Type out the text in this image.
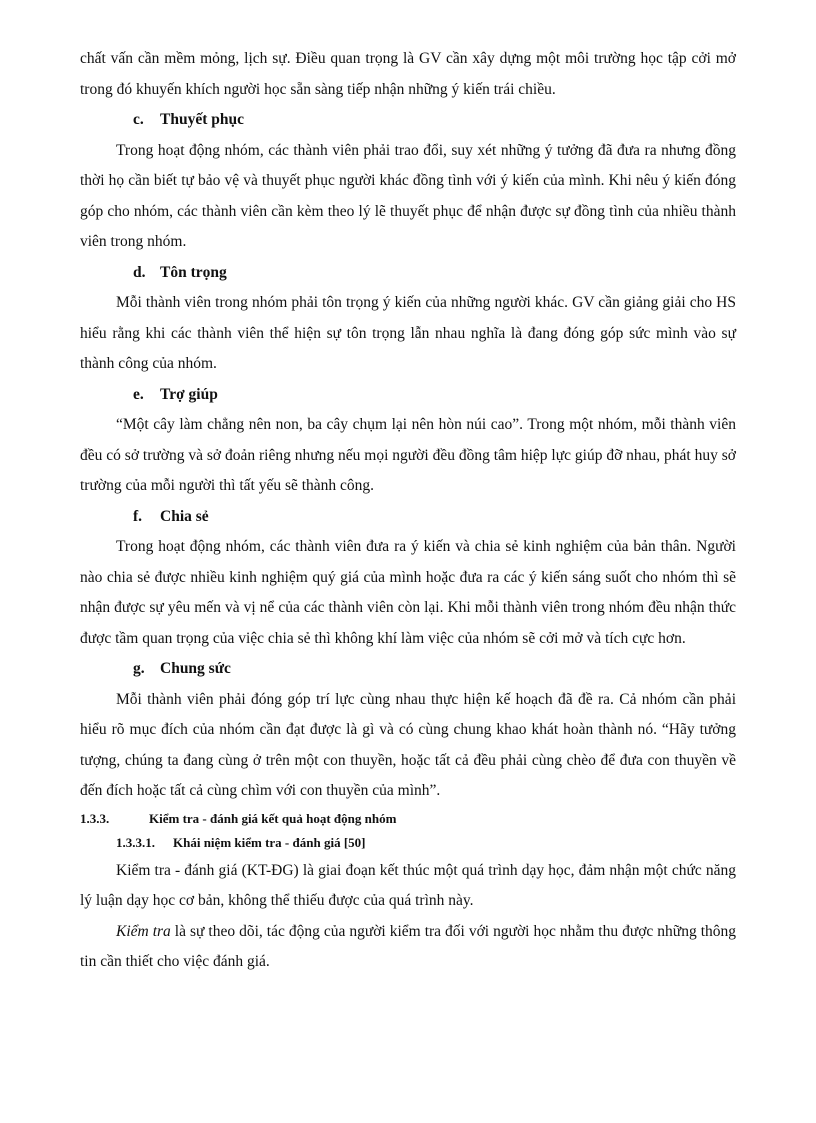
chất vấn cần mềm mỏng, lịch sự. Điều quan trọng là GV cần xây dựng một môi trường học tập cởi mở trong đó khuyến khích người học sẵn sàng tiếp nhận những ý kiến trái chiều.

c. Thuyết phục

Trong hoạt động nhóm, các thành viên phải trao đổi, suy xét những ý tưởng đã đưa ra nhưng đồng thời họ cần biết tự bảo vệ và thuyết phục người khác đồng tình với ý kiến của mình. Khi nêu ý kiến đóng góp cho nhóm, các thành viên cần kèm theo lý lẽ thuyết phục để nhận được sự đồng tình của nhiều thành viên trong nhóm.

d. Tôn trọng

Mỗi thành viên trong nhóm phải tôn trọng ý kiến của những người khác. GV cần giảng giải cho HS hiểu rằng khi các thành viên thể hiện sự tôn trọng lẫn nhau nghĩa là đang đóng góp sức mình vào sự thành công của nhóm.

e. Trợ giúp

“Một cây làm chẳng nên non, ba cây chụm lại nên hòn núi cao”. Trong một nhóm, mỗi thành viên đều có sở trường và sở đoản riêng nhưng nếu mọi người đều đồng tâm hiệp lực giúp đỡ nhau, phát huy sở trường của mỗi người thì tất yếu sẽ thành công.

f. Chia sẻ

Trong hoạt động nhóm, các thành viên đưa ra ý kiến và chia sẻ kinh nghiệm của bản thân. Người nào chia sẻ được nhiều kinh nghiệm quý giá của mình hoặc đưa ra các ý kiến sáng suốt cho nhóm thì sẽ nhận được sự yêu mến và vị nể của các thành viên còn lại. Khi mỗi thành viên trong nhóm đều nhận thức được tầm quan trọng của việc chia sẻ thì không khí làm việc của nhóm sẽ cởi mở và tích cực hơn.

g. Chung sức

Mỗi thành viên phải đóng góp trí lực cùng nhau thực hiện kế hoạch đã đề ra. Cả nhóm cần phải hiểu rõ mục đích của nhóm cần đạt được là gì và có cùng chung khao khát hoàn thành nó. “Hãy tưởng tượng, chúng ta đang cùng ở trên một con thuyền, hoặc tất cả đều phải cùng chèo để đưa con thuyền về đến đích hoặc tất cả cùng chìm với con thuyền của mình”.

1.3.3.	Kiểm tra - đánh giá kết quả hoạt động nhóm
1.3.3.1. Khái niệm kiểm tra - đánh giá [50]

Kiểm tra - đánh giá (KT-ĐG) là giai đoạn kết thúc một quá trình dạy học, đảm nhận một chức năng lý luận dạy học cơ bản, không thể thiếu được của quá trình này.

Kiểm tra là sự theo dõi, tác động của người kiểm tra đối với người học nhằm thu được những thông tin cần thiết cho việc đánh giá.
